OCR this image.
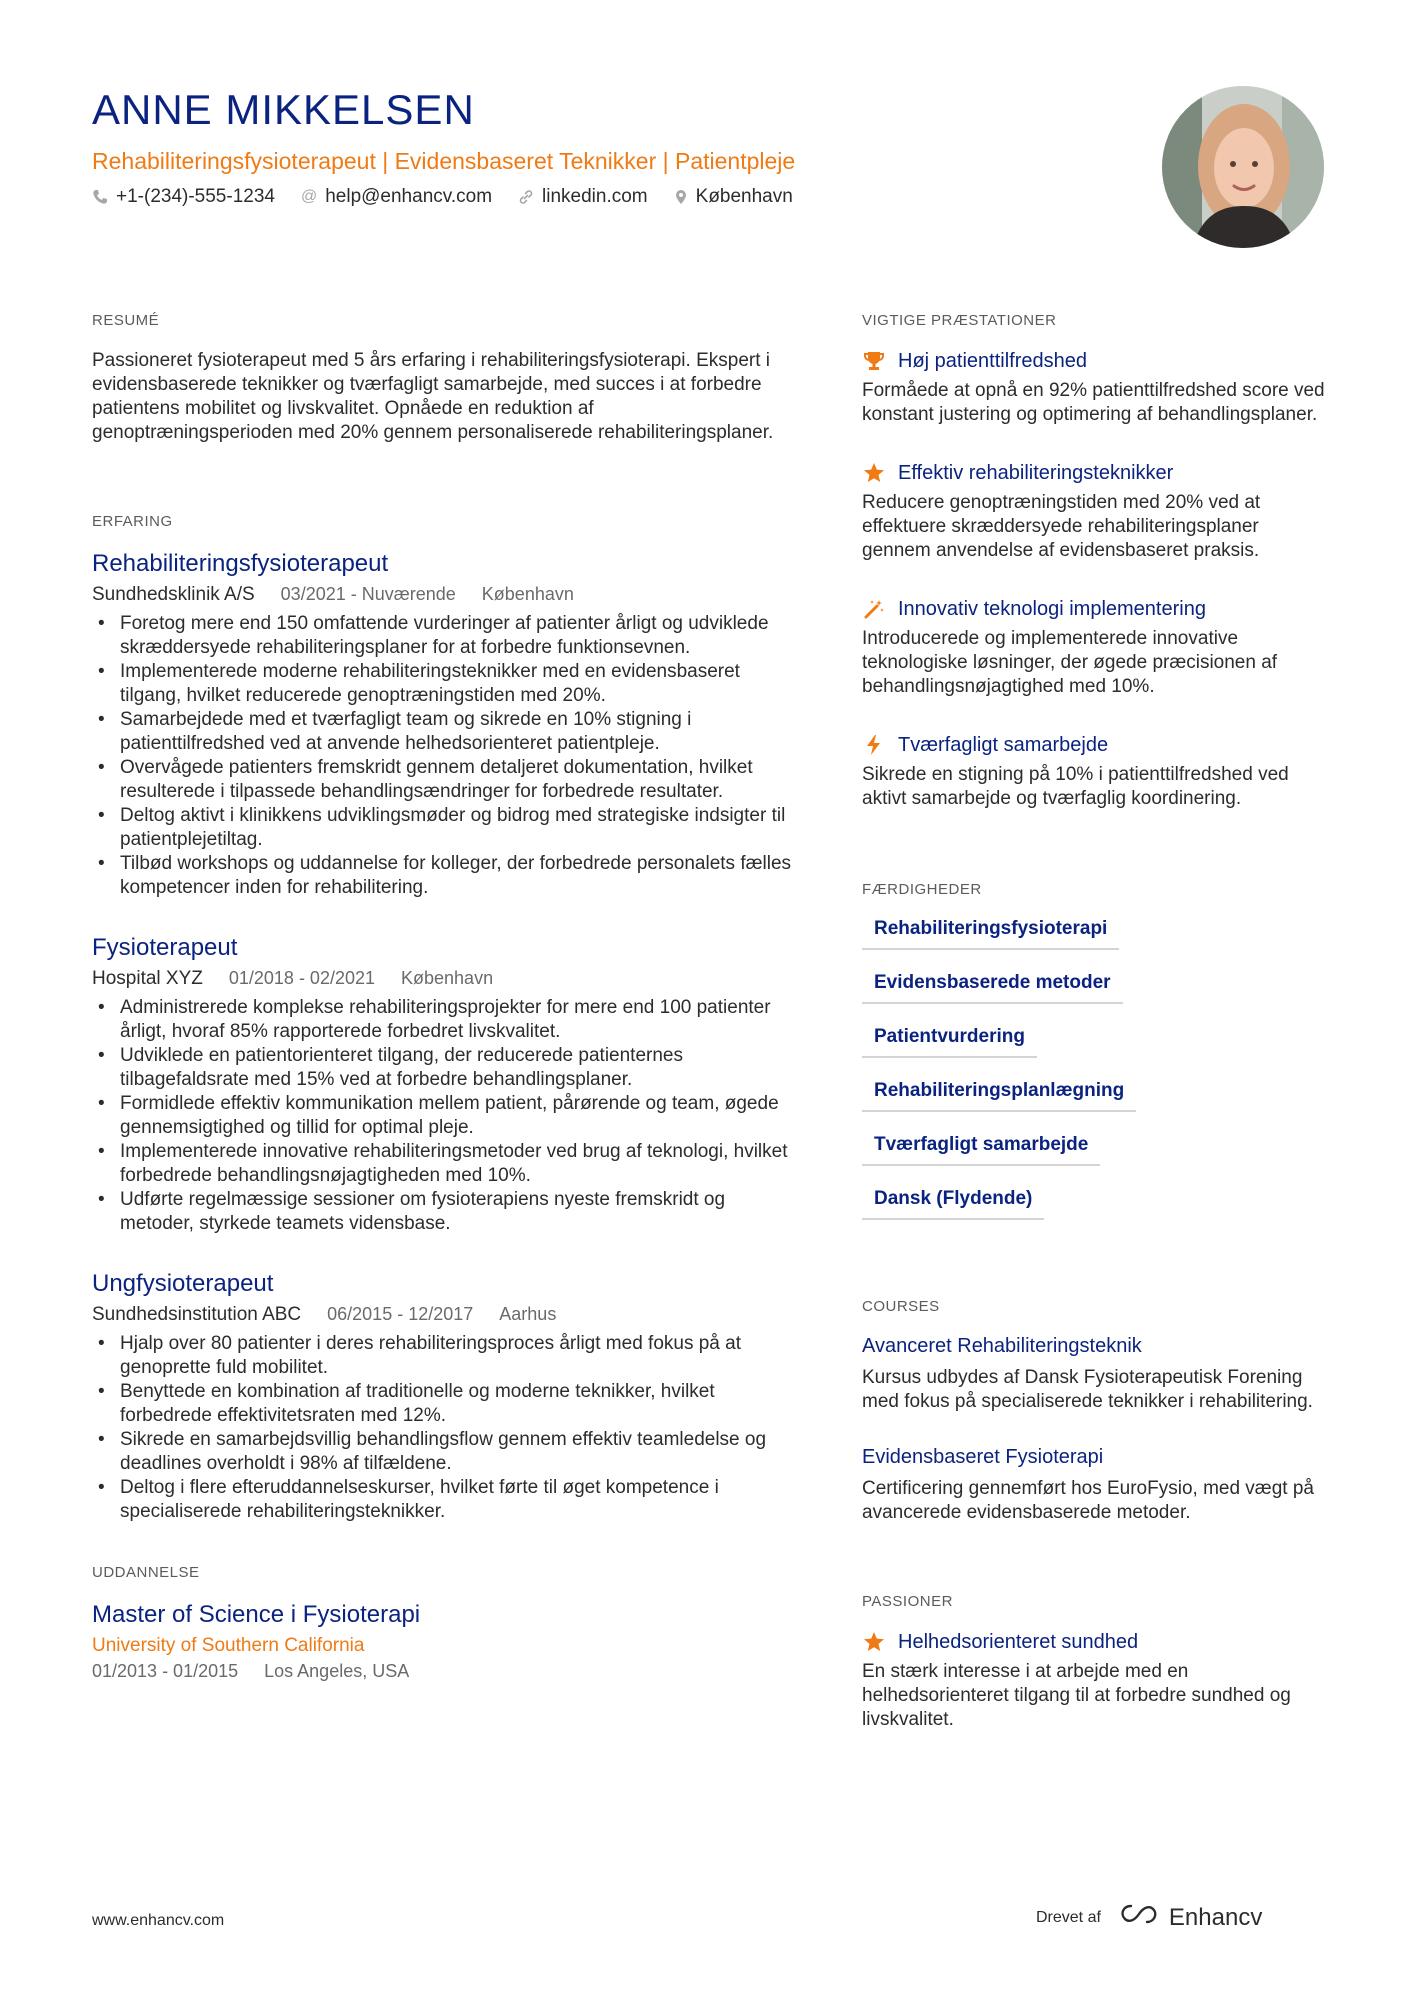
ANNE MIKKELSEN
Rehabiliteringsfysioterapeut | Evidensbaseret Teknikker | Patientpleje
+1-(234)-555-1234 @ help@enhancv.com	linkedin.com	København
RESUMÉ

Passioneret fysioterapeut med 5 års erfaring i rehabiliteringsfysioterapi. Ekspert i evidensbaserede teknikker og tværfagligt samarbejde, med succes i at forbedre patientens mobilitet og livskvalitet. Opnåede en reduktion af genoptræningsperioden med 20% gennem personaliserede rehabiliteringsplaner.

ERFARING
Rehabiliteringsfysioterapeut
Sundhedsklinik A/S 03/2021 - Nuværende København
• Foretog mere end 150 omfattende vurderinger af patienter årligt og udviklede skræddersyede rehabiliteringsplaner for at forbedre funktionsevnen.
• Implementerede moderne rehabiliteringsteknikker med en evidensbaseret tilgang, hvilket reducerede genoptræningstiden med 20%.
• Samarbejdede med et tværfagligt team og sikrede en 10% stigning i patienttilfredshed ved at anvende helhedsorienteret patientpleje.
• Overvågede patienters fremskridt gennem detaljeret dokumentation, hvilket resulterede i tilpassede behandlingsændringer for forbedrede resultater.
• Deltog aktivt i klinikkens udviklingsmøder og bidrog med strategiske indsigter til patientplejetiltag.
• Tilbød workshops og uddannelse for kolleger, der forbedrede personalets fælles kompetencer inden for rehabilitering.
Fysioterapeut
Hospital XYZ 01/2018 - 02/2021 København
• Administrerede komplekse rehabiliteringsprojekter for mere end 100 patienter årligt, hvoraf 85% rapporterede forbedret livskvalitet.
• Udviklede en patientorienteret tilgang, der reducerede patienternes tilbagefaldsrate med 15% ved at forbedre behandlingsplaner.
• Formidlede effektiv kommunikation mellem patient, pårørende og team, øgede gennemsigtighed og tillid for optimal pleje.
• Implementerede innovative rehabiliteringsmetoder ved brug af teknologi, hvilket forbedrede behandlingsnøjagtigheden med 10%.
• Udførte regelmæssige sessioner om fysioterapiens nyeste fremskridt og metoder, styrkede teamets vidensbase.
Ungfysioterapeut
Sundhedsinstitution ABC 06/2015 - 12/2017 Aarhus
• Hjalp over 80 patienter i deres rehabiliteringsproces årligt med fokus på at genoprette fuld mobilitet.
• Benyttede en kombination af traditionelle og moderne teknikker, hvilket forbedrede effektivitetsraten med 12%.
• Sikrede en samarbejdsvillig behandlingsflow gennem effektiv teamledelse og deadlines overholdt i 98% af tilfældene.
• Deltog i flere efteruddannelseskurser, hvilket førte til øget kompetence i specialiserede rehabiliteringsteknikker.
UDDANNELSE
Master of Science i Fysioterapi
University of Southern California
01/2013 - 01/2015 Los Angeles, USA
VIGTIGE PRÆSTATIONER
Høj patienttilfredshed
Formåede at opnå en 92% patienttilfredshed score ved konstant justering og optimering af behandlingsplaner.
Effektiv rehabiliteringsteknikker
Reducere genoptræningstiden med 20% ved at effektuere skræddersyede rehabiliteringsplaner gennem anvendelse af evidensbaseret praksis.
Innovativ teknologi implementering
Introducerede og implementerede innovative teknologiske løsninger, der øgede præcisionen af behandlingsnøjagtighed med 10%.
Tværfagligt samarbejde
Sikrede en stigning på 10% i patienttilfredshed ved aktivt samarbejde og tværfaglig koordinering.
FÆRDIGHEDER
Rehabiliteringsfysioterapi
Evidensbaserede metoder
Patientvurdering
Rehabiliteringsplanlægning
Tværfagligt samarbejde
Dansk (Flydende)
COURSES
Avanceret Rehabiliteringsteknik
Kursus udbydes af Dansk Fysioterapeutisk Forening med fokus på specialiserede teknikker i rehabilitering.
Evidensbaseret Fysioterapi
Certificering gennemført hos EuroFysio, med vægt på avancerede evidensbaserede metoder.
PASSIONER
Helhedsorienteret sundhed
En stærk interesse i at arbejde med en helhedsorienteret tilgang til at forbedre sundhed og livskvalitet.
www.enhancv.com	Drevet af	Enhancv
